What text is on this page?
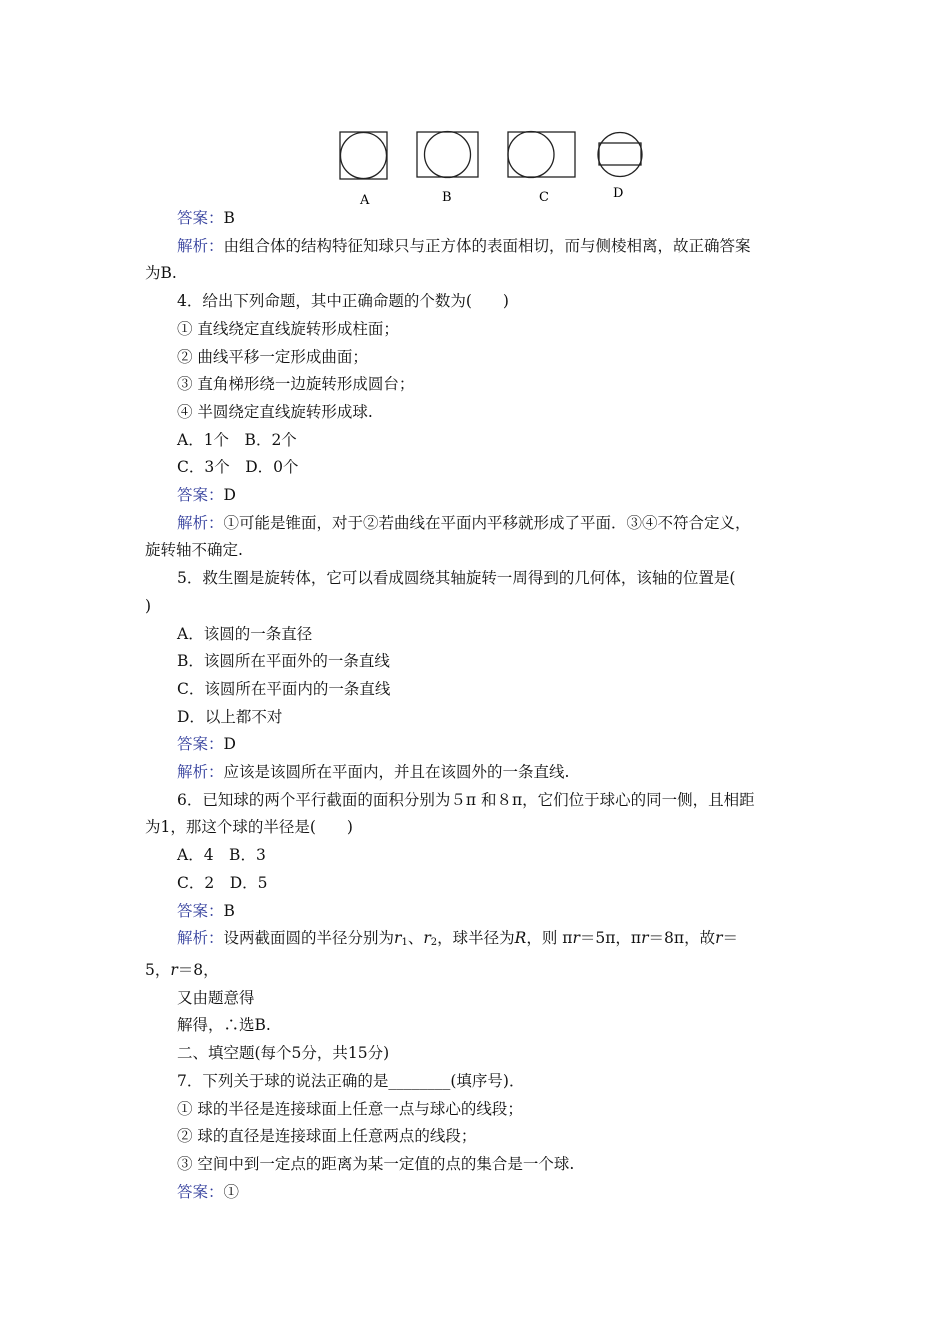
A	B	C	D
答案：B
解析：由组合体的结构特征知球只与正方体的表面相切，而与侧棱相离，故正确答案
为B.
4．给出下列命题，其中正确命题的个数为(　　)
① 直线绕定直线旋转形成柱面；
② 曲线平移一定形成曲面；
③ 直角梯形绕一边旋转形成圆台；
④ 半圆绕定直线旋转形成球.
A．1个　B．2个
C．3个　D．0个
答案：D
解析：①可能是锥面，对于②若曲线在平面内平移就形成了平面．③④不符合定义，
旋转轴不确定.
5．救生圈是旋转体，它可以看成圆绕其轴旋转一周得到的几何体，该轴的位置是(
)
A．该圆的一条直径
B．该圆所在平面外的一条直线
C．该圆所在平面内的一条直线
D．以上都不对
答案：D
解析：应该是该圆所在平面内，并且在该圆外的一条直线.
6．已知球的两个平行截面的面积分别为５π 和８π，它们位于球心的同一侧，且相距
为1，那这个球的半径是(　　)
A．4　B．3
C．2　D．5
答案：B
解析：设两截面圆的半径分别为$r_1$、$r_2$，球半径为R，则 πr＝5π，πr＝8π，故r＝
5，r＝8，
又由题意得
解得，∴选B.
二、填空题(每个5分，共15分)
7．下列关于球的说法正确的是________(填序号)．
① 球的半径是连接球面上任意一点与球心的线段；
② 球的直径是连接球面上任意两点的线段；
③ 空间中到一定点的距离为某一定值的点的集合是一个球.
答案：①
